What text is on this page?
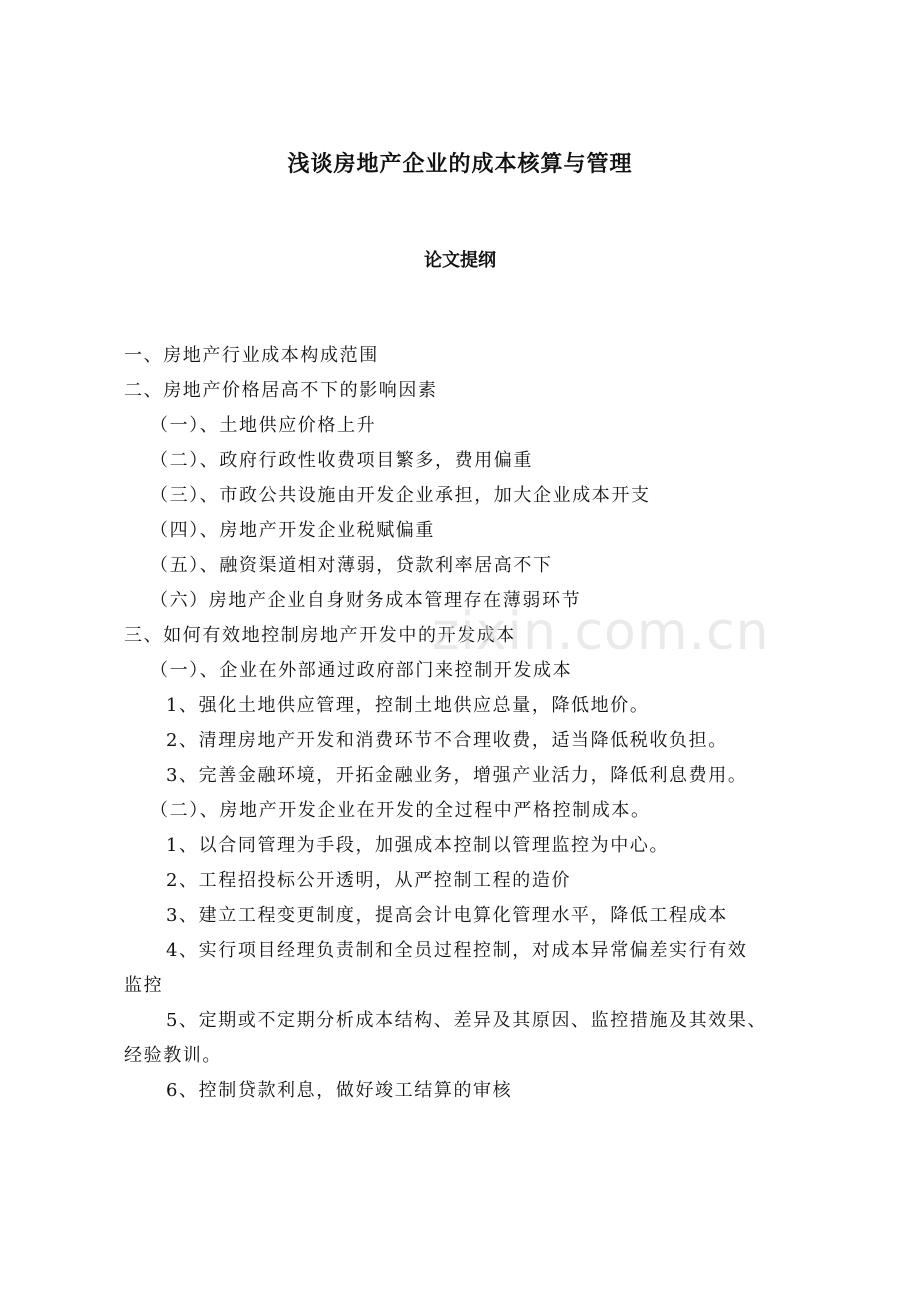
浅谈房地产企业的成本核算与管理
论文提纲
一、房地产行业成本构成范围
二、房地产价格居高不下的影响因素
（一）、土地供应价格上升
（二）、政府行政性收费项目繁多，费用偏重
（三）、市政公共设施由开发企业承担，加大企业成本开支
（四）、房地产开发企业税赋偏重
（五）、融资渠道相对薄弱，贷款利率居高不下
（六）房地产企业自身财务成本管理存在薄弱环节
三、如何有效地控制房地产开发中的开发成本
（一）、企业在外部通过政府部门来控制开发成本
1、强化土地供应管理，控制土地供应总量，降低地价。
2、清理房地产开发和消费环节不合理收费，适当降低税收负担。
3、完善金融环境，开拓金融业务，增强产业活力，降低利息费用。
（二）、房地产开发企业在开发的全过程中严格控制成本。
1、以合同管理为手段，加强成本控制以管理监控为中心。
2、工程招投标公开透明，从严控制工程的造价
3、建立工程变更制度，提高会计电算化管理水平，降低工程成本
4、实行项目经理负责制和全员过程控制，对成本异常偏差实行有效
监控
5、定期或不定期分析成本结构、差异及其原因、监控措施及其效果、
经验教训。
6、控制贷款利息，做好竣工结算的审核
zixin.com.cn
